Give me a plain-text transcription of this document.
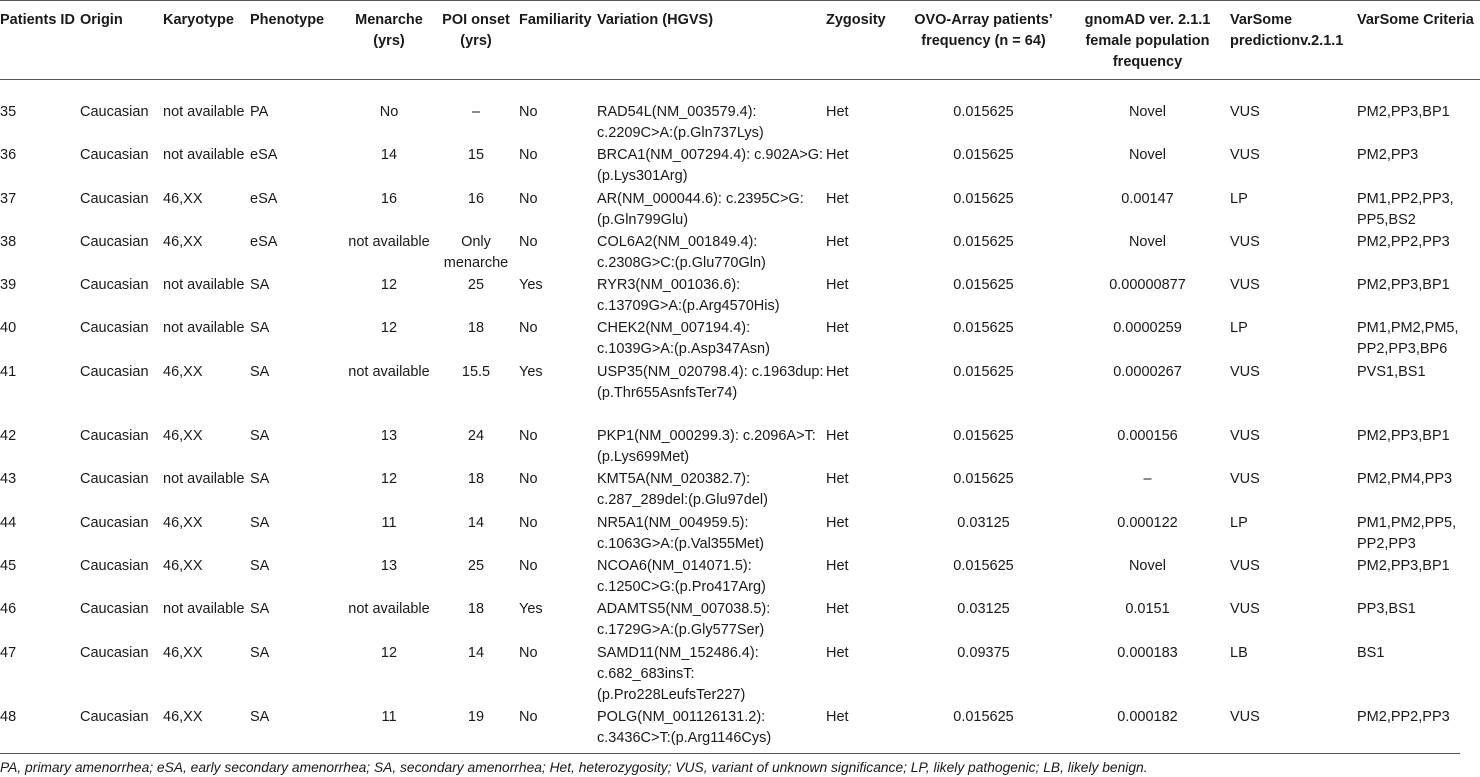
Patients ID	Origin	Karyotype	Phenotype	Menarche (yrs)	POI onset (yrs)	Familiarity	Variation (HGVS)	Zygosity	OVO-Array patients’ frequency (n = 64)	gnomAD ver. 2.1.1 female population frequency	VarSome predictionv.2.1.1	VarSome Criteria
35	Caucasian	not available	PA	No	–	No	RAD54L(NM_003579.4): c.2209C>A:(p.Gln737Lys)	Het	0.015625	Novel	VUS	PM2,PP3,BP1
36	Caucasian	not available	eSA	14	15	No	BRCA1(NM_007294.4): c.902A>G:(p.Lys301Arg)	Het	0.015625	Novel	VUS	PM2,PP3
37	Caucasian	46,XX	eSA	16	16	No	AR(NM_000044.6): c.2395C>G:(p.Gln799Glu)	Het	0.015625	0.00147	LP	PM1,PP2,PP3, PP5,BS2
38	Caucasian	46,XX	eSA	not available	Only menarche	No	COL6A2(NM_001849.4): c.2308G>C:(p.Glu770Gln)	Het	0.015625	Novel	VUS	PM2,PP2,PP3
39	Caucasian	not available	SA	12	25	Yes	RYR3(NM_001036.6): c.13709G>A:(p.Arg4570His)	Het	0.015625	0.00000877	VUS	PM2,PP3,BP1
40	Caucasian	not available	SA	12	18	No	CHEK2(NM_007194.4): c.1039G>A:(p.Asp347Asn)	Het	0.015625	0.0000259	LP	PM1,PM2,PM5, PP2,PP3,BP6
41	Caucasian	46,XX	SA	not available	15.5	Yes	USP35(NM_020798.4): c.1963dup: (p.Thr655AsnfsTer74)	Het	0.015625	0.0000267	VUS	PVS1,BS1
42	Caucasian	46,XX	SA	13	24	No	PKP1(NM_000299.3): c.2096A>T:(p.Lys699Met)	Het	0.015625	0.000156	VUS	PM2,PP3,BP1
43	Caucasian	not available	SA	12	18	No	KMT5A(NM_020382.7): c.287_289del:(p.Glu97del)	Het	0.015625	–	VUS	PM2,PM4,PP3
44	Caucasian	46,XX	SA	11	14	No	NR5A1(NM_004959.5): c.1063G>A:(p.Val355Met)	Het	0.03125	0.000122	LP	PM1,PM2,PP5, PP2,PP3
45	Caucasian	46,XX	SA	13	25	No	NCOA6(NM_014071.5): c.1250C>G:(p.Pro417Arg)	Het	0.015625	Novel	VUS	PM2,PP3,BP1
46	Caucasian	not available	SA	not available	18	Yes	ADAMTS5(NM_007038.5): c.1729G>A:(p.Gly577Ser)	Het	0.03125	0.0151	VUS	PP3,BS1
47	Caucasian	46,XX	SA	12	14	No	SAMD11(NM_152486.4): c.682_683insT: (p.Pro228LeufsTer227)	Het	0.09375	0.000183	LB	BS1
48	Caucasian	46,XX	SA	11	19	No	POLG(NM_001126131.2): c.3436C>T:(p.Arg1146Cys)	Het	0.015625	0.000182	VUS	PM2,PP2,PP3
PA, primary amenorrhea; eSA, early secondary amenorrhea; SA, secondary amenorrhea; Het, heterozygosity; VUS, variant of unknown significance; LP, likely pathogenic; LB, likely benign.
